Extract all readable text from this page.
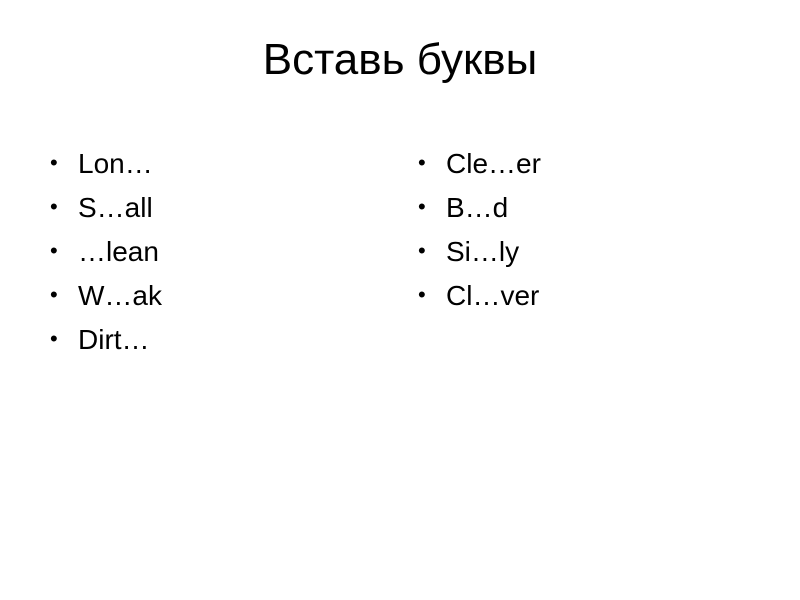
Вставь буквы
• Lon…
• S…all
• …lean
• W…ak
• Dirt…
• Cle…er
• B…d
• Si…ly
• Cl…ver
